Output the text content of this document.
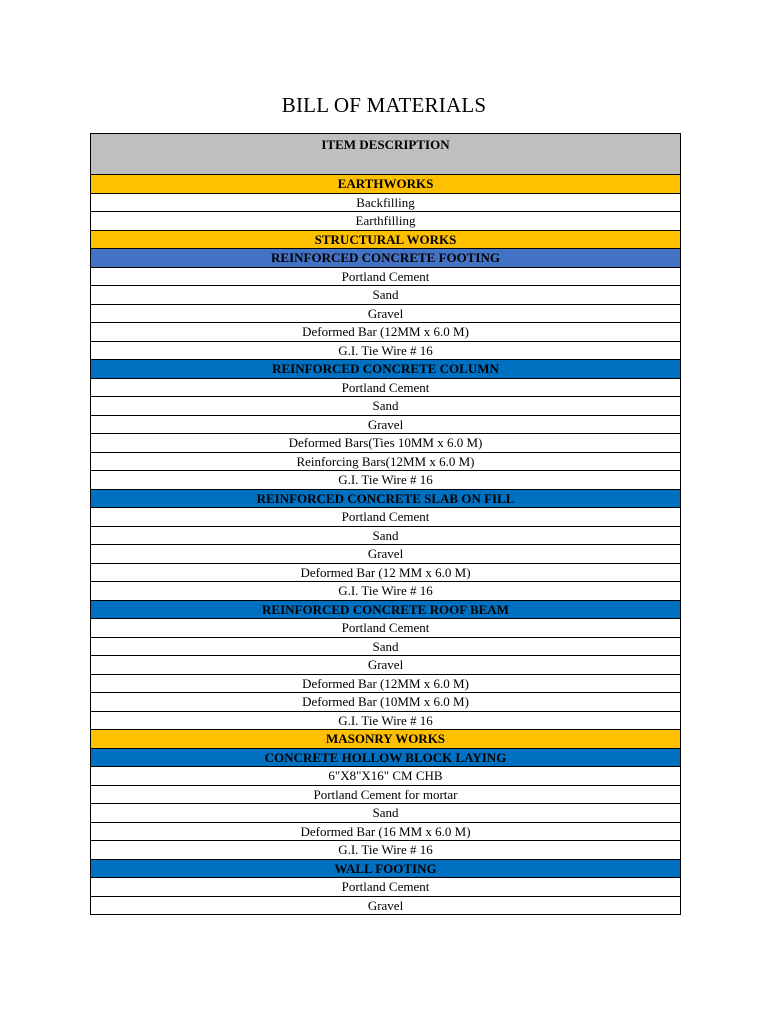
BILL OF MATERIALS
ITEM DESCRIPTION
EARTHWORKS
Backfilling
Earthfilling
STRUCTURAL WORKS
REINFORCED CONCRETE FOOTING
Portland Cement
Sand
Gravel
Deformed Bar (12MM x 6.0 M)
G.I. Tie Wire # 16
REINFORCED CONCRETE COLUMN
Portland Cement
Sand
Gravel
Deformed Bars(Ties 10MM x 6.0 M)
Reinforcing Bars(12MM x 6.0 M)
G.I. Tie Wire # 16
REINFORCED CONCRETE SLAB ON FILL
Portland Cement
Sand
Gravel
Deformed Bar (12 MM x 6.0 M)
G.I. Tie Wire # 16
REINFORCED CONCRETE ROOF BEAM
Portland Cement
Sand
Gravel
Deformed Bar (12MM x 6.0 M)
Deformed Bar (10MM x 6.0 M)
G.I. Tie Wire # 16
MASONRY WORKS
CONCRETE HOLLOW BLOCK LAYING
6"X8"X16" CM CHB
Portland Cement for mortar
Sand
Deformed Bar (16 MM x 6.0 M)
G.I. Tie Wire # 16
WALL FOOTING
Portland Cement
Gravel
